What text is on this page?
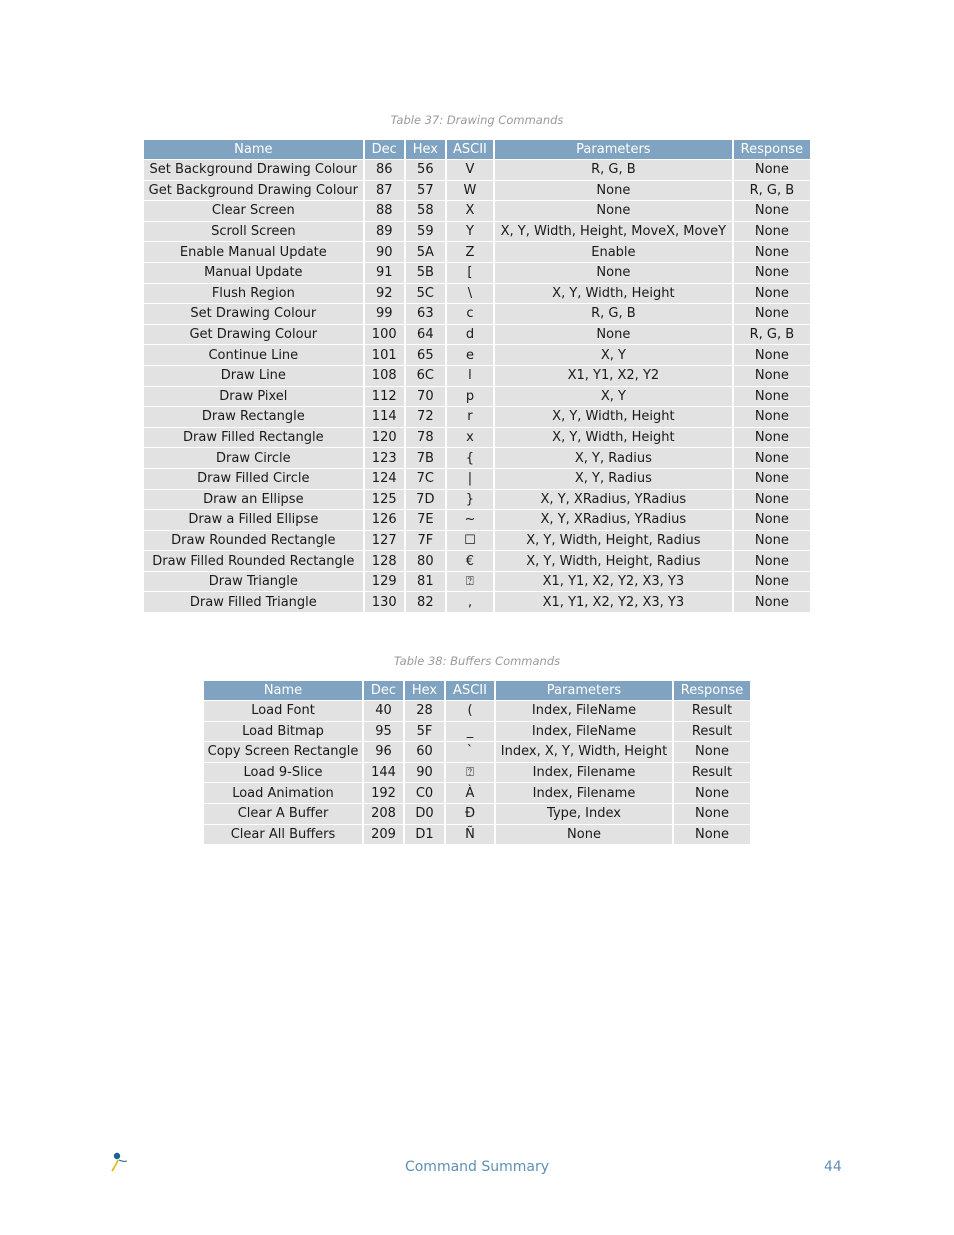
Table 37: Drawing Commands
Name	Dec	Hex	ASCII	Parameters	Response
Set Background Drawing Colour	86	56	V	R, G, B	None
Get Background Drawing Colour	87	57	W	None	R, G, B
Clear Screen	88	58	X	None	None
Scroll Screen	89	59	Y	X, Y, Width, Height, MoveX, MoveY	None
Enable Manual Update	90	5A	Z	Enable	None
Manual Update	91	5B	[	None	None
Flush Region	92	5C	\	X, Y, Width, Height	None
Set Drawing Colour	99	63	c	R, G, B	None
Get Drawing Colour	100	64	d	None	R, G, B
Continue Line	101	65	e	X, Y	None
Draw Line	108	6C	l	X1, Y1, X2, Y2	None
Draw Pixel	112	70	p	X, Y	None
Draw Rectangle	114	72	r	X, Y, Width, Height	None
Draw Filled Rectangle	120	78	x	X, Y, Width, Height	None
Draw Circle	123	7B	{	X, Y, Radius	None
Draw Filled Circle	124	7C	|	X, Y, Radius	None
Draw an Ellipse	125	7D	}	X, Y, XRadius, YRadius	None
Draw a Filled Ellipse	126	7E	~	X, Y, XRadius, YRadius	None
Draw Rounded Rectangle	127	7F	☐	X, Y, Width, Height, Radius	None
Draw Filled Rounded Rectangle	128	80	€	X, Y, Width, Height, Radius	None
Draw Triangle	129	81	⍰	X1, Y1, X2, Y2, X3, Y3	None
Draw Filled Triangle	130	82	‚	X1, Y1, X2, Y2, X3, Y3	None
Table 38: Buffers Commands
Name	Dec	Hex	ASCII	Parameters	Response
Load Font	40	28	(	Index, FileName	Result
Load Bitmap	95	5F	_	Index, FileName	Result
Copy Screen Rectangle	96	60	`	Index, X, Y, Width, Height	None
Load 9-Slice	144	90	⍰	Index, Filename	Result
Load Animation	192	C0	À	Index, Filename	None
Clear A Buffer	208	D0	Ð	Type, Index	None
Clear All Buffers	209	D1	Ñ	None	None
Command Summary	44
